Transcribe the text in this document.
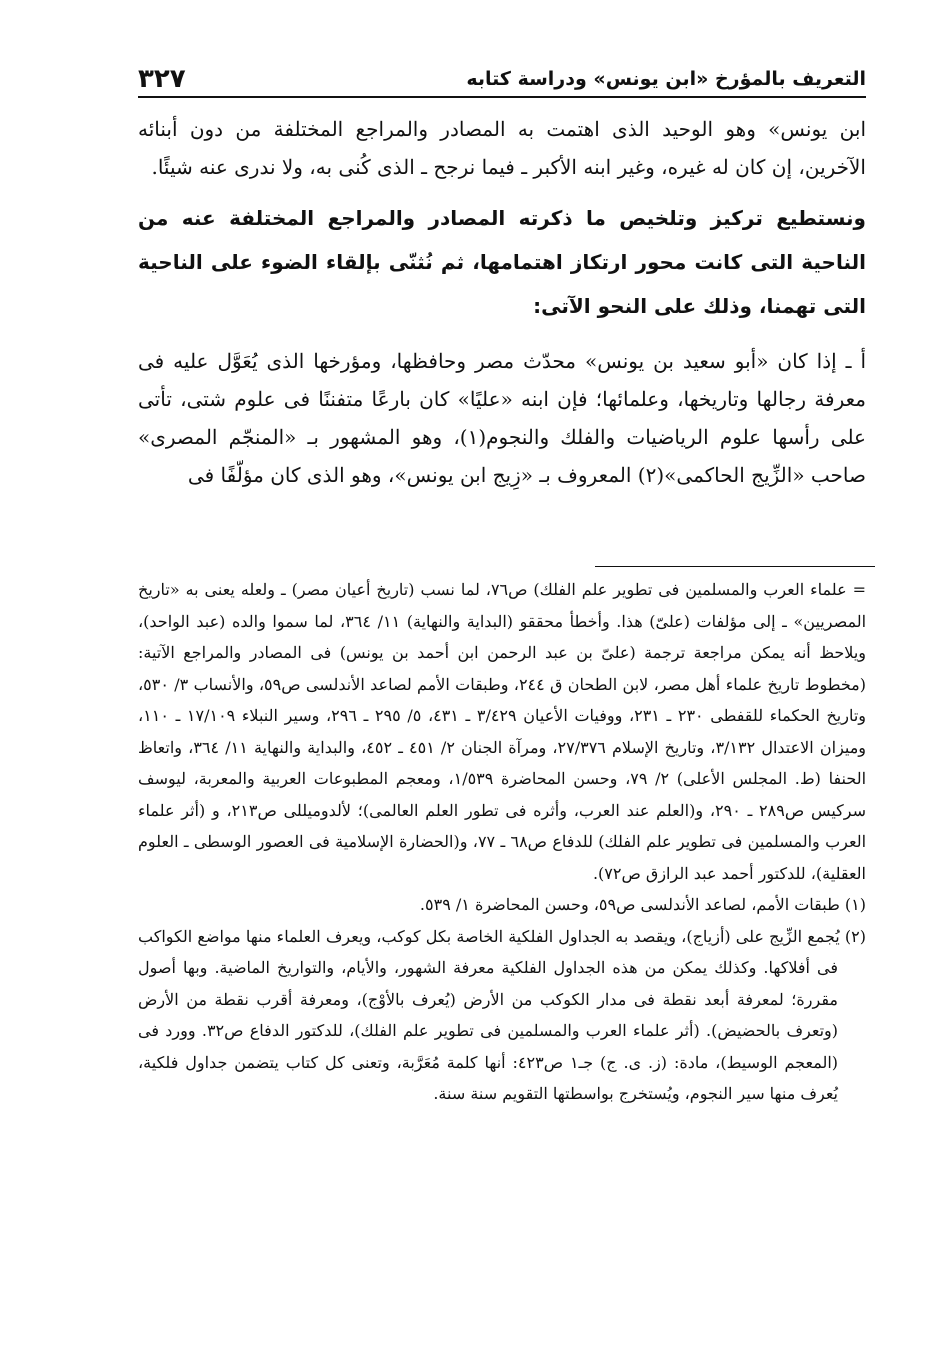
التعريف بالمؤرخ «ابن يونس» ودراسة كتابه
٣٢٧

ابن يونس» وهو الوحيد الذى اهتمت به المصادر والمراجع المختلفة من دون أبنائه الآخرين، إن كان له غيره، وغير ابنه الأكبر ـ فيما نرجح ـ الذى كُنى به، ولا ندرى عنه شيئًا.

ونستطيع تركيز وتلخيص ما ذكرته المصادر والمراجع المختلفة عنه من الناحية التى كانت محور ارتكاز اهتمامها، ثم نُثنّى بإلقاء الضوء على الناحية التى تهمنا، وذلك على النحو الآتى:

أ ـ إذا كان «أبو سعيد بن يونس» محدّث مصر وحافظها، ومؤرخها الذى يُعَوَّل عليه فى معرفة رجالها وتاريخها، وعلمائها؛ فإن ابنه «عليًا» كان بارعًا متفننًا فى علوم شتى، تأتى على رأسها علوم الرياضيات والفلك والنجوم(١)، وهو المشهور بـ «المنجّم المصرى» صاحب «الزِّيج الحاكمى»(٢) المعروف بـ «زِيج ابن يونس»، وهو الذى كان مؤلّفًا فى

= علماء العرب والمسلمين فى تطوير علم الفلك) ص٧٦، لما نسب (تاريخ أعيان مصر) ـ ولعله يعنى به «تاريخ المصريين» ـ إلى مؤلفات (علىّ) هذا. وأخطأ محققو (البداية والنهاية) ١١/ ٣٦٤، لما سموا والده (عبد الواحد)، ويلاحظ أنه يمكن مراجعة ترجمة (علىّ بن عبد الرحمن ابن أحمد بن يونس) فى المصادر والمراجع الآتية: (مخطوط تاريخ علماء أهل مصر، لابن الطحان ق ٢٤٤، وطبقات الأمم لصاعد الأندلسى ص٥٩، والأنساب ٣/ ٥٣٠، وتاريخ الحكماء للقفطى ٢٣٠ ـ ٢٣١، ووفيات الأعيان ٣/٤٢٩ ـ ٤٣١، ٥/ ٢٩٥ ـ ٢٩٦، وسير النبلاء ١٧/١٠٩ ـ ١١٠، وميزان الاعتدال ٣/١٣٢، وتاريخ الإسلام ٢٧/٣٧٦، ومرآة الجنان ٢/ ٤٥١ ـ ٤٥٢، والبداية والنهاية ١١/ ٣٦٤، واتعاظ الحنفا (ط. المجلس الأعلى) ٢/ ٧٩، وحسن المحاضرة ١/٥٣٩، ومعجم المطبوعات العربية والمعربة، ليوسف سركيس ص٢٨٩ ـ ٢٩٠، و(العلم عند العرب، وأثره فى تطور العلم العالمى)؛ لألدوميللى ص٢١٣، و (أثر علماء العرب والمسلمين فى تطوير علم الفلك) للدفاع ص٦٨ ـ ٧٧، و(الحضارة الإسلامية فى العصور الوسطى ـ العلوم العقلية)، للدكتور أحمد عبد الرازق ص٧٢).

(١) طبقات الأمم، لصاعد الأندلسى ص٥٩، وحسن المحاضرة ١/ ٥٣٩.

(٢) يُجمع الزِّيج على (أزياج)، ويقصد به الجداول الفلكية الخاصة بكل كوكب، ويعرف العلماء منها مواضع الكواكب فى أفلاكها. وكذلك يمكن من هذه الجداول الفلكية معرفة الشهور، والأيام، والتواريخ الماضية. وبها أصول مقررة؛ لمعرفة أبعد نقطة فى مدار الكوكب من الأرض (يُعرف بالأوْج)، ومعرفة أقرب نقطة من الأرض (وتعرف بالحضيض). (أثر علماء العرب والمسلمين فى تطوير علم الفلك)، للدكتور الدفاع ص٣٢. وورد فى (المعجم الوسيط)، مادة: (ز. ى. ج) جـ١ ص٤٢٣: أنها كلمة مُعَرَّبة، وتعنى كل كتاب يتضمن جداول فلكية، يُعرف منها سير النجوم، ويُستخرج بواسطتها التقويم سنة سنة.
